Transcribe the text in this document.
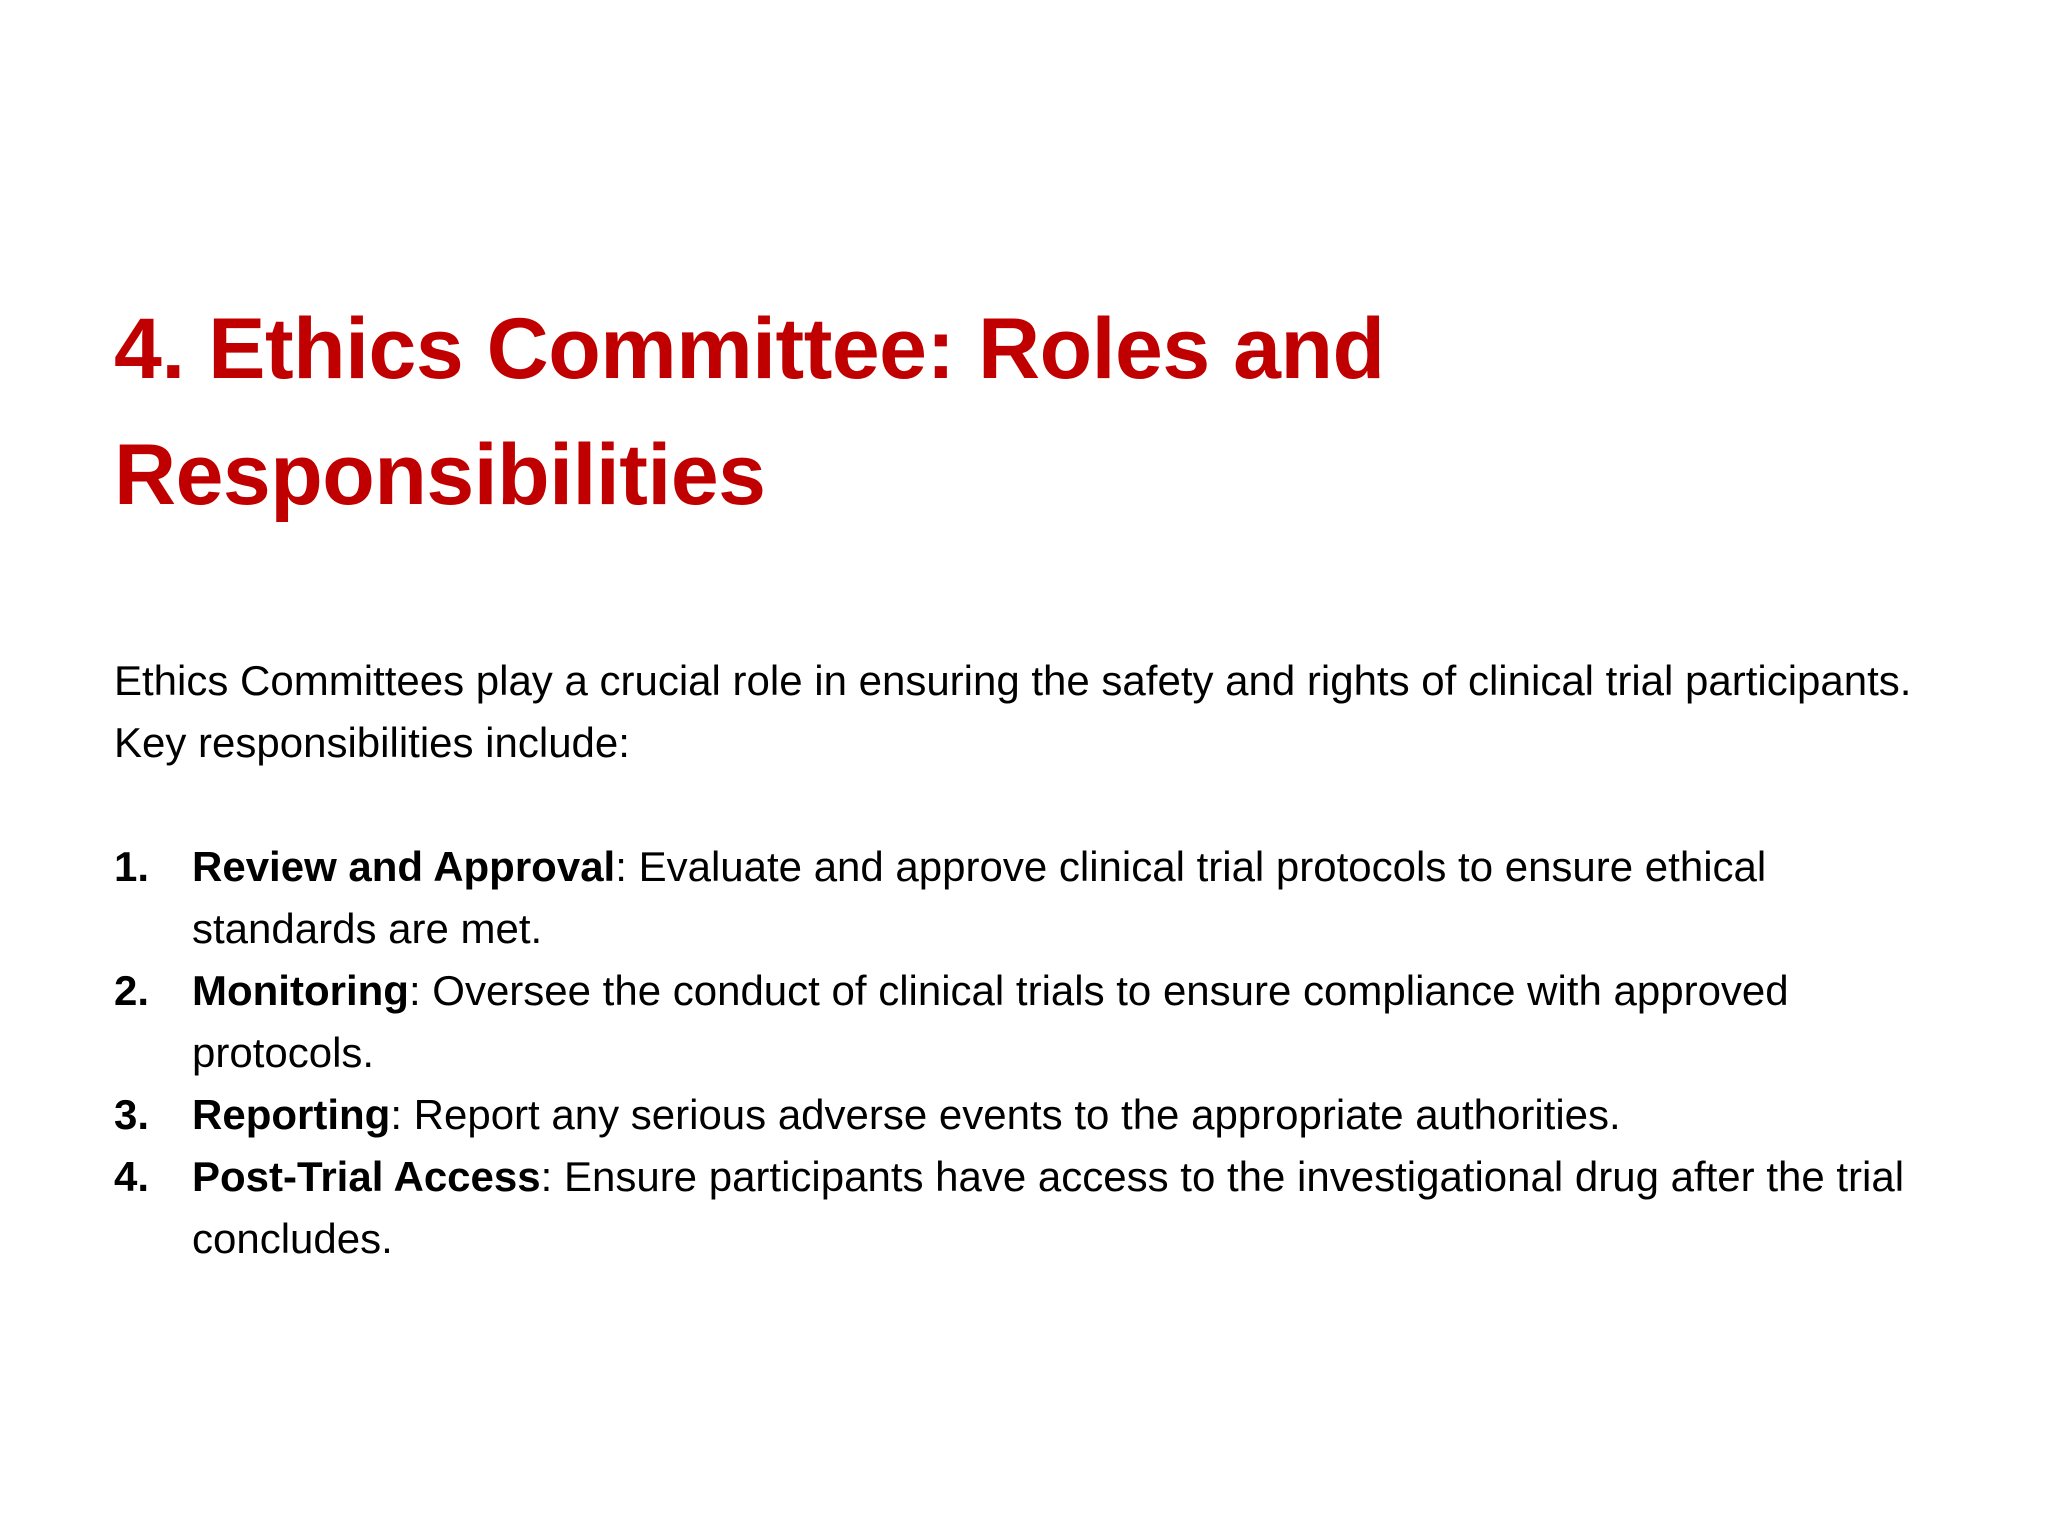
4. Ethics Committee: Roles and Responsibilities

Ethics Committees play a crucial role in ensuring the safety and rights of clinical trial participants. Key responsibilities include:

1. Review and Approval: Evaluate and approve clinical trial protocols to ensure ethical standards are met.
2. Monitoring: Oversee the conduct of clinical trials to ensure compliance with approved protocols.
3. Reporting: Report any serious adverse events to the appropriate authorities.
4. Post-Trial Access: Ensure participants have access to the investigational drug after the trial concludes.
